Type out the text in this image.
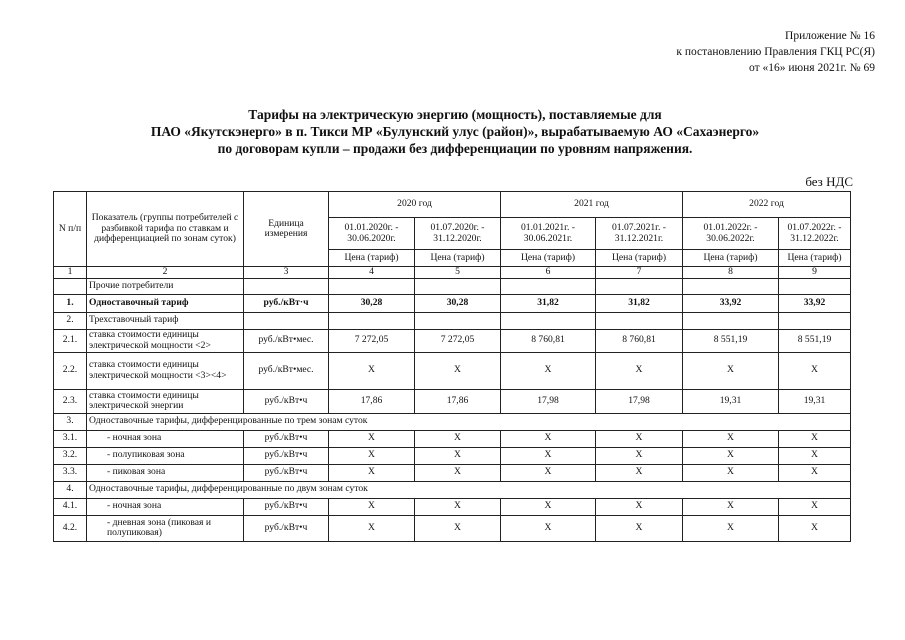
Приложение № 16
к постановлению Правления ГКЦ РС(Я)
от «16» июня 2021г. № 69
Тарифы на электрическую энергию (мощность), поставляемые для
ПАО «Якутскэнерго» в п. Тикси МР «Булунский улус (район)», вырабатываемую АО «Сахаэнерго»
по договорам купли – продажи без дифференциации по уровням напряжения.
без НДС
N п/п	Показатель (группы потребителей с разбивкой тарифа по ставкам и дифференциацией по зонам суток)	Единица измерения	2020 год		2021 год		2022 год	
			01.01.2020г. - 30.06.2020г.	01.07.2020г. - 31.12.2020г.	01.01.2021г. - 30.06.2021г.	01.07.2021г. - 31.12.2021г.	01.01.2022г. - 30.06.2022г.	01.07.2022г. - 31.12.2022г.
			Цена (тариф)	Цена (тариф)	Цена (тариф)	Цена (тариф)	Цена (тариф)	Цена (тариф)
1	2	3	4	5	6	7	8	9
	Прочие потребители							
1.	Одноставочный тариф	руб./кВт·ч	30,28	30,28	31,82	31,82	33,92	33,92
2.	Трехставочный тариф							
2.1.	ставка стоимости единицы электрической мощности <2>	руб./кВт•мес.	7 272,05	7 272,05	8 760,81	8 760,81	8 551,19	8 551,19
2.2.	ставка стоимости единицы электрической мощности <3><4>	руб./кВт•мес.	X	X	X	X	X	X
2.3.	ставка стоимости единицы электрической энергии	руб./кВт•ч	17,86	17,86	17,98	17,98	19,31	19,31
3.	Одноставочные тарифы, дифференцированные по трем зонам суток							
3.1.	- ночная зона	руб./кВт•ч	X	X	X	X	X	X
3.2.	- полупиковая зона	руб./кВт•ч	X	X	X	X	X	X
3.3.	- пиковая зона	руб./кВт•ч	X	X	X	X	X	X
4.	Одноставочные тарифы, дифференцированные по двум зонам суток							
4.1.	- ночная зона	руб./кВт•ч	X	X	X	X	X	X
4.2.	- дневная зона (пиковая и полупиковая)	руб./кВт•ч	X	X	X	X	X	X
